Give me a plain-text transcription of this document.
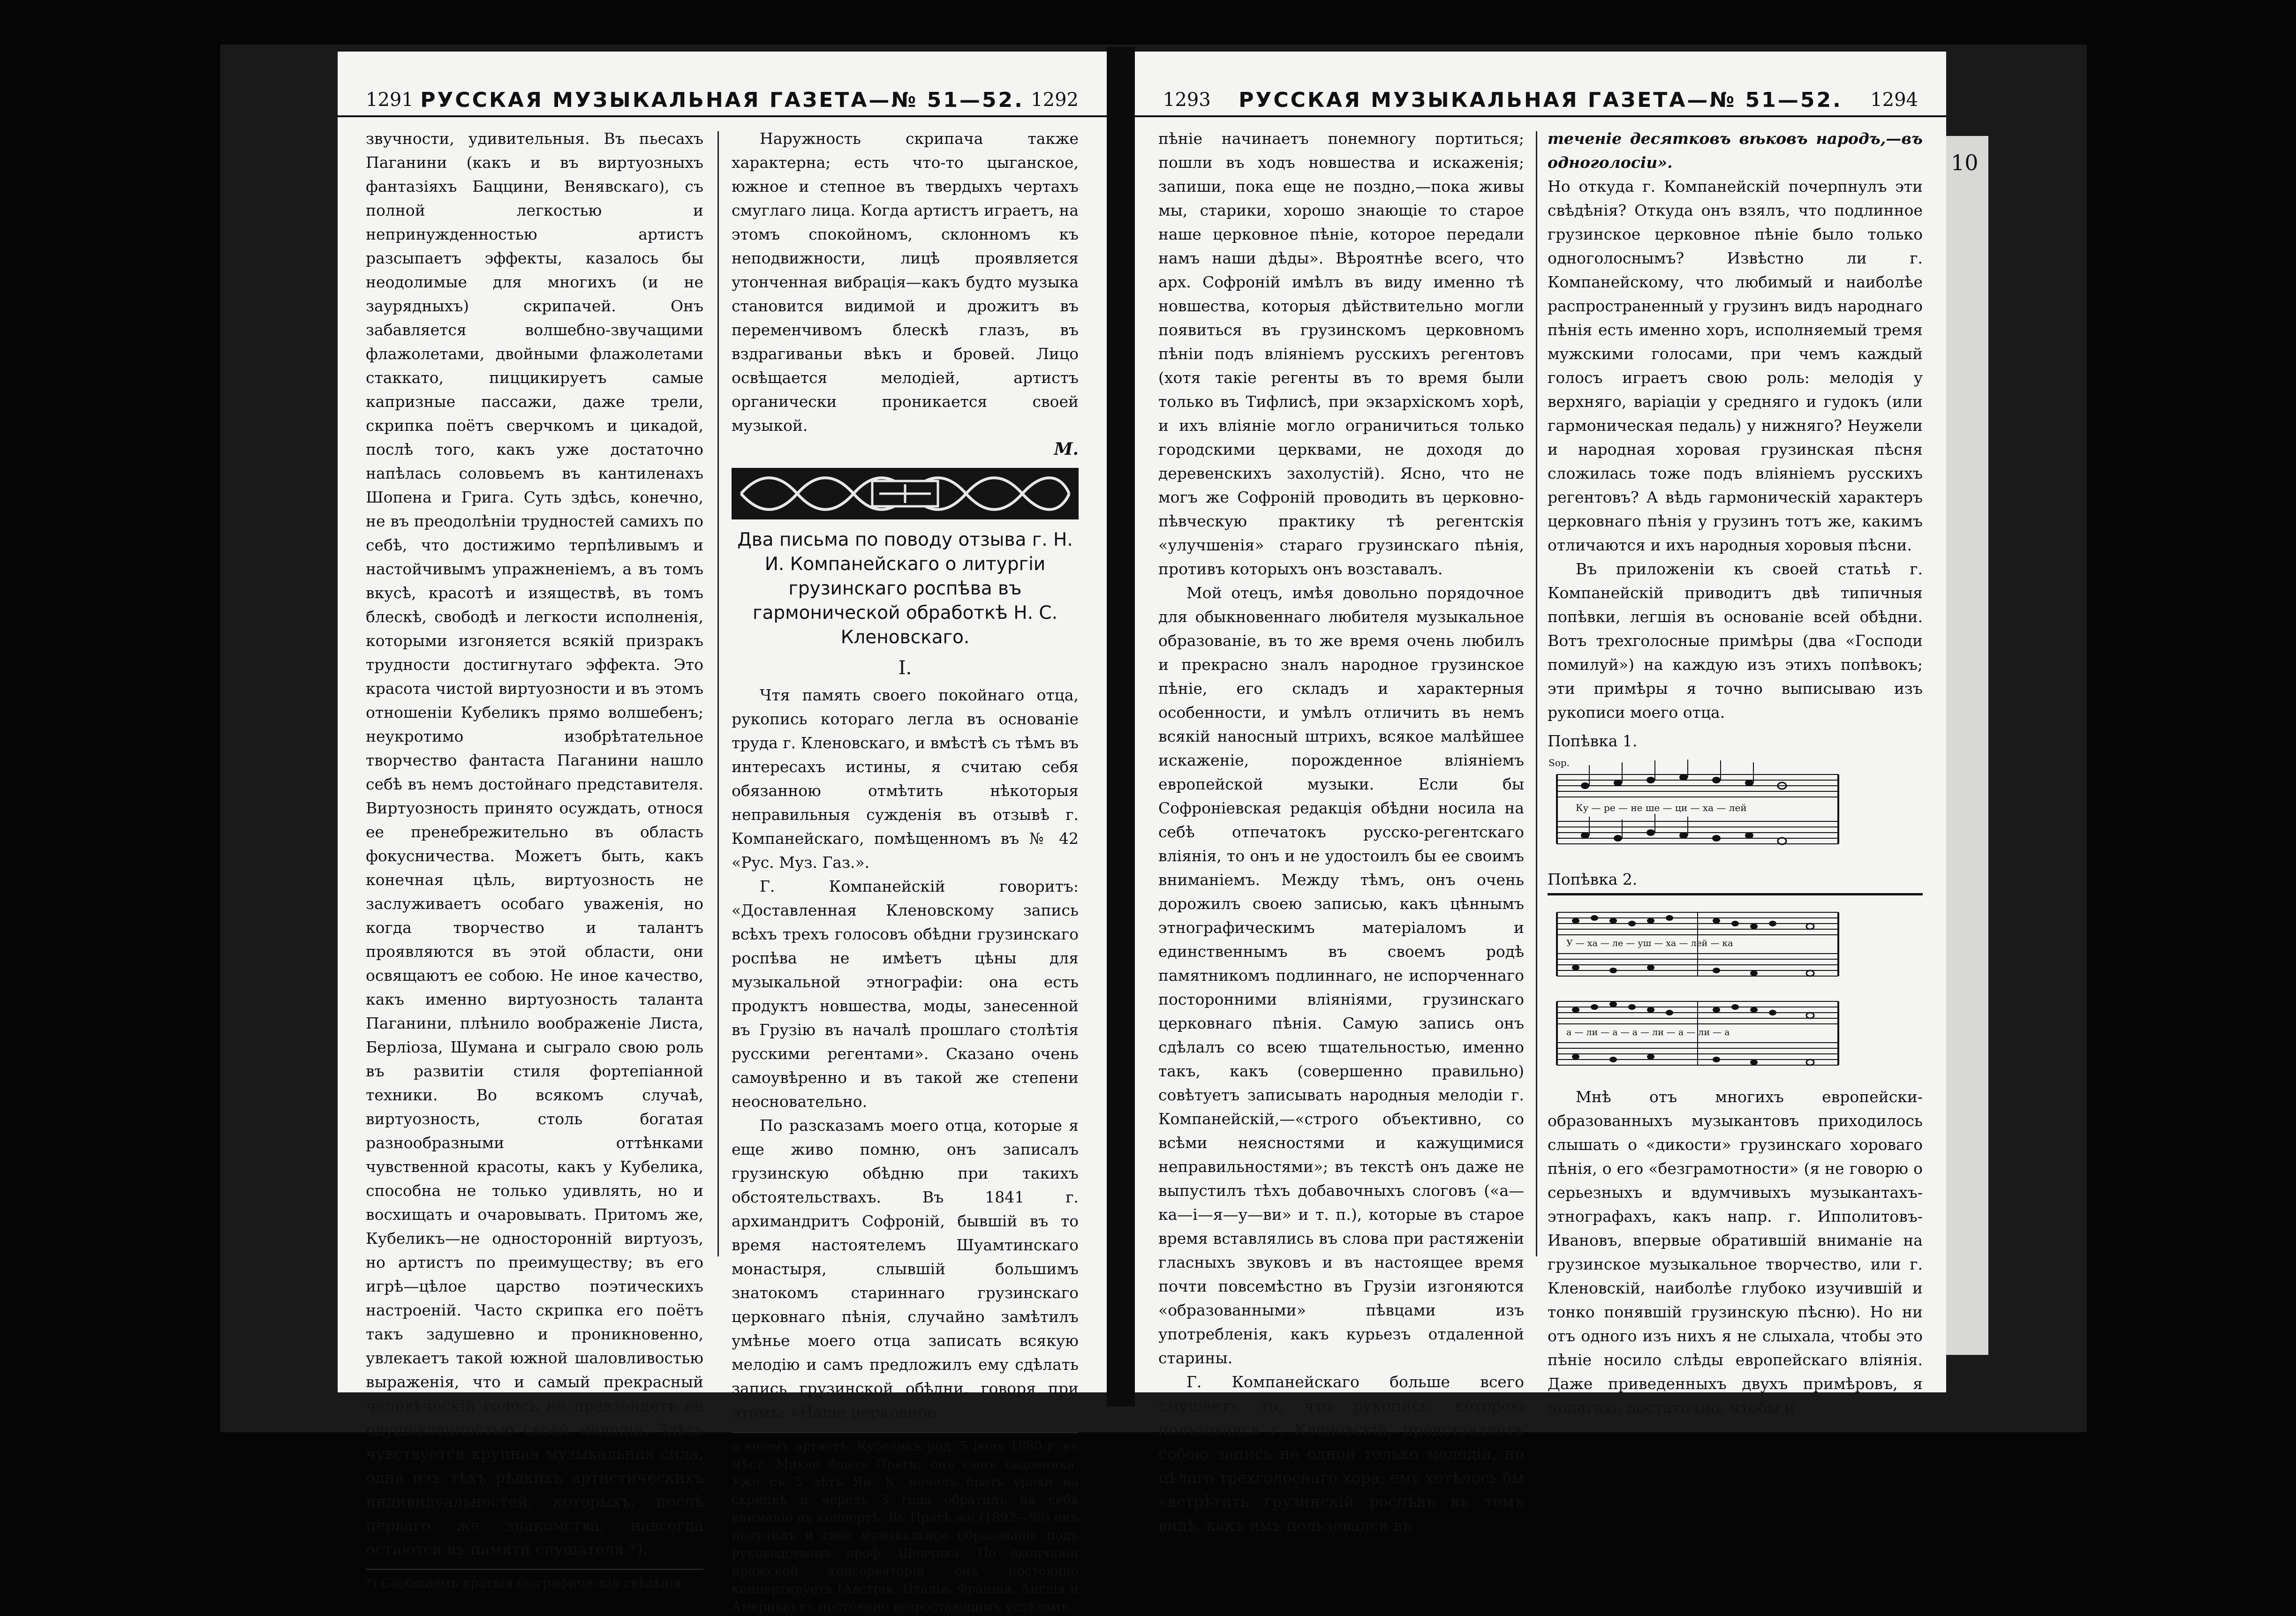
1291 РУССКАЯ МУЗЫКАЛЬНАЯ ГАЗЕТА—№ 51—52. 1292

звучности, удивительныя. Въ пьесахъ Паганини (какъ и въ виртуозныхъ фантазіяхъ Баццини, Венявскаго), съ полной легкостью и непринужденностью артистъ разсыпаетъ эффекты, казалось бы неодолимые для многихъ (и не заурядныхъ) скрипачей. Онъ забавляется волшебно-звучащими флажолетами, двойными флажолетами стаккато, пиццикируетъ самые капризные пассажи, даже трели, скрипка поётъ сверчкомъ и цикадой, послѣ того, какъ уже достаточно напѣлась соловьемъ въ кантиленахъ Шопена и Грига. Суть здѣсь, конечно, не въ преодолѣніи трудностей самихъ по себѣ, что достижимо терпѣливымъ и настойчивымъ упражненіемъ, а въ томъ вкусѣ, красотѣ и изяществѣ, въ томъ блескѣ, свободѣ и легкости исполненія, которыми изгоняется всякій призракъ трудности достигнутаго эффекта. Это красота чистой виртуозности и въ этомъ отношеніи Кубеликъ прямо волшебенъ; неукротимо изобрѣтательное творчество фантаста Паганини нашло себѣ въ немъ достойнаго представителя. Виртуозность принято осуждать, относя ее пренебрежительно въ область фокусничества. Можетъ быть, какъ конечная цѣль, виртуозность не заслуживаетъ особаго уваженія, но когда творчество и талантъ проявляются въ этой области, они освящаютъ ее собою. Не иное качество, какъ именно виртуозность таланта Паганини, плѣнило воображеніе Листа, Берліоза, Шумана и сыграло свою роль въ развитіи стиля фортепіанной техники. Во всякомъ случаѣ, виртуозность, столь богатая разнообразными оттѣнками чувственной красоты, какъ у Кубелика, способна не только удивлять, но и восхищать и очаровывать. Притомъ же, Кубеликъ—не односторонній виртуозъ, но артистъ по преимуществу; въ его игрѣ—цѣлое царство поэтическихъ настроеній. Часто скрипка его поётъ такъ задушевно и проникновенно, увлекаетъ такой южной шаловливостью выраженія, что и самый прекрасный человѣческій голосъ не превзойдётъ ее одушевленностью своей мелодіи. Здѣсь чувствуется крупная музыкальная сила, одна изъ тѣхъ рѣдкихъ артистическихъ индивидуальностей, которыхъ, послѣ перваго же знакомства, навсегда остаются въ памяти слушателя *).

*) Сообщаемъ краткія біографическія свѣдѣнія

Наружность скрипача также характерна; есть что-то цыганское, южное и степное въ твердыхъ чертахъ смуглаго лица. Когда артистъ играетъ, на этомъ спокойномъ, склонномъ къ неподвижности, лицѣ проявляется утонченная вибрація—какъ будто музыка становится видимой и дрожитъ въ переменчивомъ блескѣ глазъ, въ вздрагиваньи вѣкъ и бровей. Лицо освѣщается мелодіей, артистъ органически проникается своей музыкой.

М.
Два письма по поводу отзыва г. Н. И. Компанейскаго о литургіи грузинскаго роспѣва въ гармонической обработкѣ Н. С. Кленовскаго.
I.

Чтя память своего покойнаго отца, рукопись котораго легла въ основаніе труда г. Кленовскаго, и вмѣстѣ съ тѣмъ въ интересахъ истины, я считаю себя обязанною отмѣтить нѣкоторыя неправильныя сужденія въ отзывѣ г. Компанейскаго, помѣщенномъ въ № 42 «Рус. Муз. Газ.».

Г. Компанейскій говоритъ: «Доставленная Кленовскому запись всѣхъ трехъ голосовъ обѣдни грузинскаго роспѣва не имѣетъ цѣны для музыкальной этнографіи: она есть продуктъ новшества, моды, занесенной въ Грузію въ началѣ прошлаго столѣтія русскими регентами». Сказано очень самоувѣренно и въ такой же степени неосновательно.

По разсказамъ моего отца, которые я еще живо помню, онъ записалъ грузинскую обѣдню при такихъ обстоятельствахъ. Въ 1841 г. архимандритъ Софроній, бывшій въ то время настоятелемъ Шуамтинскаго монастыря, слывшій большимъ знатокомъ стариннаго грузинскаго церковнаго пѣнія, случайно замѣтилъ умѣнье моего отца записать всякую мелодію и самъ предложилъ ему сдѣлать запись грузинской обѣдни, говоря при этомъ: «Наше церковное

о юномъ артистѣ. Кубеликъ род. 5 іюля 1880 г. въ мѣст. Михле близъ Праги; онъ сынъ садовника. Уже съ 5 лѣтъ Ян. К. началъ брать уроки на скрипкѣ и черезъ 3 года обратилъ на себя вниманіе въ концертѣ. Въ Прагѣ же (1892—98) онъ получилъ и свое музыкальное образованіе подъ руководствомъ проф. Шевчика. По окончаніи пражской консерваторіи онъ постоянно концертируетъ (Австрія, Италія, Франція, Англія и Америка) съ постоянно возростающимъ успѣхомъ.
1293 РУССКАЯ МУЗЫКАЛЬНАЯ ГАЗЕТА—№ 51—52. 1294

пѣніе начинаетъ понемногу портиться; пошли въ ходъ новшества и искаженія; запиши, пока еще не поздно,—пока живы мы, старики, хорошо знающіе то старое наше церковное пѣніе, которое передали намъ наши дѣды». Вѣроятнѣе всего, что арх. Софроній имѣлъ въ виду именно тѣ новшества, которыя дѣйствительно могли появиться въ грузинскомъ церковномъ пѣніи подъ вліяніемъ русскихъ регентовъ (хотя такіе регенты въ то время были только въ Тифлисѣ, при экзархіскомъ хорѣ, и ихъ вліяніе могло ограничиться только городскими церквами, не доходя до деревенскихъ захолустій). Ясно, что не могъ же Софроній проводить въ церковно-пѣвческую практику тѣ регентскія «улучшенія» стараго грузинскаго пѣнія, противъ которыхъ онъ возставалъ.

Мой отецъ, имѣя довольно порядочное для обыкновеннаго любителя музыкальное образованіе, въ то же время очень любилъ и прекрасно зналъ народное грузинское пѣніе, его складъ и характерныя особенности, и умѣлъ отличить въ немъ всякій наносный штрихъ, всякое малѣйшее искаженіе, порожденное вліяніемъ европейской музыки. Если бы Софроніевская редакція обѣдни носила на себѣ отпечатокъ русско-регентскаго вліянія, то онъ и не удостоилъ бы ее своимъ вниманіемъ. Между тѣмъ, онъ очень дорожилъ своею записью, какъ цѣннымъ этнографическимъ матеріаломъ и единственнымъ въ своемъ родѣ памятникомъ подлиннаго, не испорченнаго посторонними вліяніями, грузинскаго церковнаго пѣнія. Самую запись онъ сдѣлалъ со всею тщательностью, именно такъ, какъ (совершенно правильно) совѣтуетъ записывать народныя мелодіи г. Компанейскій,—«строго объективно, со всѣми неясностями и кажущимися неправильностями»; въ текстѣ онъ даже не выпустилъ тѣхъ добавочныхъ слоговъ («а—ка—і—я—у—ви» и т. п.), которые въ старое время вставлялись въ слова при растяженіи гласныхъ звуковъ и въ настоящее время почти повсемѣстно въ Грузіи изгоняются «образованными» пѣвцами изъ употребленія, какъ курьезъ отдаленной старины.

Г. Компанейскаго больше всего смущаетъ то, что рукопись, которою пользовался г. Кленовскій, представляетъ собою запись не одной только мелодіи, но цѣлаго трехголоснаго хора; ему хотѣлось бы «встрѣтить грузинскій роспѣвъ въ томъ видѣ, какъ имъ пользовался въ

теченіе десятковъ вѣковъ народъ,—въ одноголосіи».

Но откуда г. Компанейскій почерпнулъ эти свѣдѣнія? Откуда онъ взялъ, что подлинное грузинское церковное пѣніе было только одноголоснымъ? Извѣстно ли г. Компанейскому, что любимый и наиболѣе распространенный у грузинъ видъ народнаго пѣнія есть именно хоръ, исполняемый тремя мужскими голосами, при чемъ каждый голосъ играетъ свою роль: мелодія у верхняго, варіаціи у средняго и гудокъ (или гармоническая педаль) у нижняго? Неужели и народная хоровая грузинская пѣсня сложилась тоже подъ вліяніемъ русскихъ регентовъ? А вѣдь гармоническій характеръ церковнаго пѣнія у грузинъ тотъ же, какимъ отличаются и ихъ народныя хоровыя пѣсни.

Въ приложеніи къ своей статьѣ г. Компанейскій приводитъ двѣ типичныя попѣвки, легшія въ основаніе всей обѣдни. Вотъ трехголосные примѣры (два «Господи помилуй») на каждую изъ этихъ попѣвокъ; эти примѣры я точно выписываю изъ рукописи моего отца.

Попѣвка 1.
Sop.
Ку — ре — не ше — ци — ха — лей
Попѣвка 2.
У — ха — ле — уш — ха — лей — ка
а — ли — а — а — ли — а — ли — а

Мнѣ отъ многихъ европейски-образованныхъ музыкантовъ приходилось слышать о «дикости» грузинскаго хороваго пѣнія, о его «безграмотности» (я не говорю о серьезныхъ и вдумчивыхъ музыкантахъ-этнографахъ, какъ напр. г. Ипполитовъ-Ивановъ, впервые обратившій вниманіе на грузинское музыкальное творчество, или г. Кленовскій, наиболѣе глубоко изучившій и тонко понявшій грузинскую пѣсню). Но ни отъ одного изъ нихъ я не слыхала, чтобы это пѣніе носило слѣды европейскаго вліянія. Даже приведенныхъ двухъ примѣровъ, я полагаю, достаточно, чтобы и

10
